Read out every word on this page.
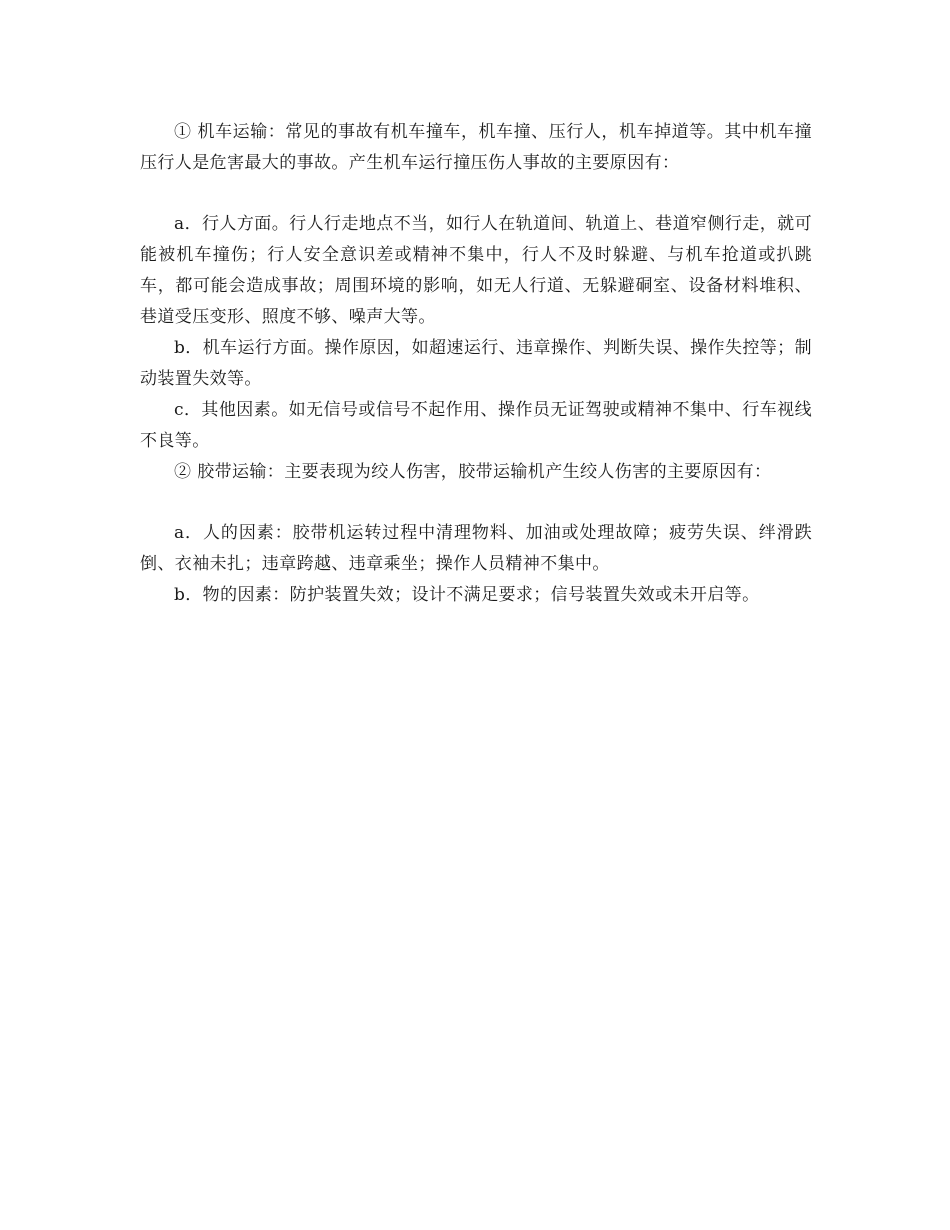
① 机车运输：常见的事故有机车撞车，机车撞、压行人，机车掉道等。其中机车撞压行人是危害最大的事故。产生机车运行撞压伤人事故的主要原因有：

a．行人方面。行人行走地点不当，如行人在轨道间、轨道上、巷道窄侧行走，就可能被机车撞伤；行人安全意识差或精神不集中，行人不及时躲避、与机车抢道或扒跳车，都可能会造成事故；周围环境的影响，如无人行道、无躲避硐室、设备材料堆积、巷道受压变形、照度不够、噪声大等。

b．机车运行方面。操作原因，如超速运行、违章操作、判断失误、操作失控等；制动装置失效等。

c．其他因素。如无信号或信号不起作用、操作员无证驾驶或精神不集中、行车视线不良等。

② 胶带运输：主要表现为绞人伤害，胶带运输机产生绞人伤害的主要原因有：

a．人的因素：胶带机运转过程中清理物料、加油或处理故障；疲劳失误、绊滑跌倒、衣袖未扎；违章跨越、违章乘坐；操作人员精神不集中。

b．物的因素：防护装置失效；设计不满足要求；信号装置失效或未开启等。
